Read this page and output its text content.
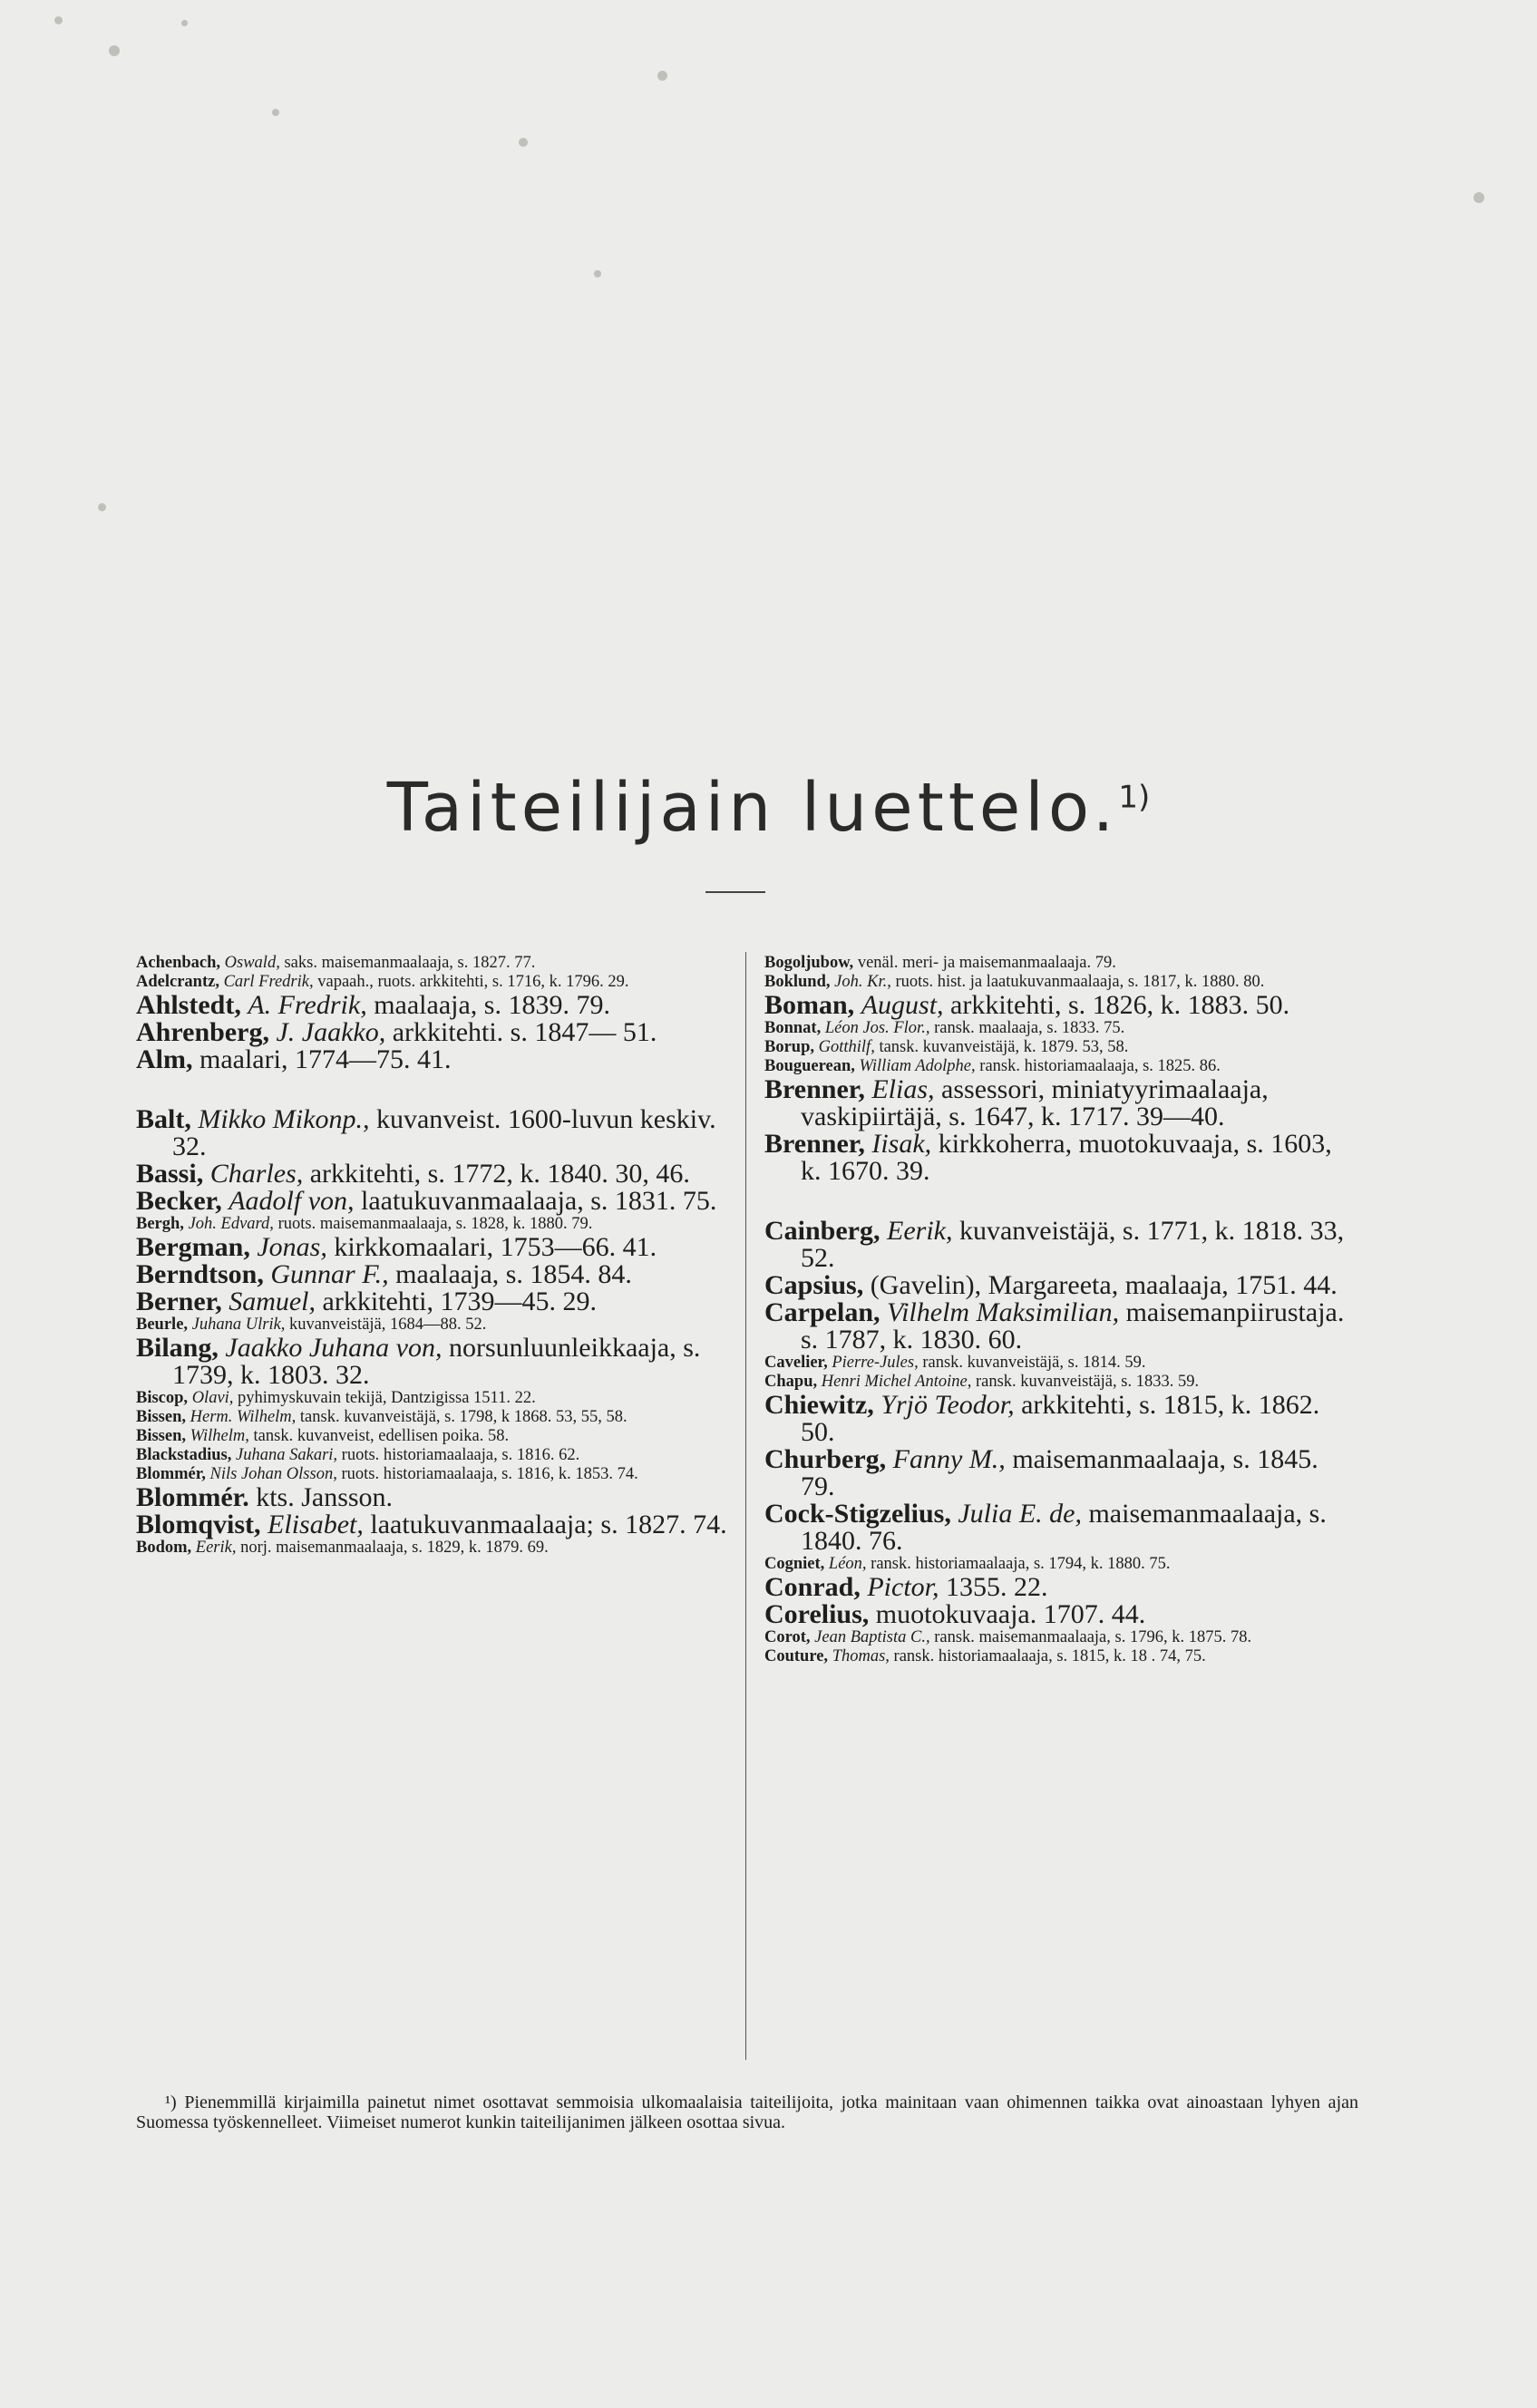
Taiteilijain luettelo.$^{1)}$
Achenbach, Oswald, saks. maisemanmaalaaja, s. 1827. 77.
Adelcrantz, Carl Fredrik, vapaah., ruots. arkkitehti, s. 1716, k. 1796. 29.
Ahlstedt, A. Fredrik, maalaaja, s. 1839. 79.
Ahrenberg, J. Jaakko, arkkitehti. s. 1847— 51.
Alm, maalari, 1774—75. 41.
Balt, Mikko Mikonp., kuvanveist. 1600-luvun keskiv. 32.
Bassi, Charles, arkkitehti, s. 1772, k. 1840. 30, 46.
Becker, Aadolf von, laatukuvanmaalaaja, s. 1831. 75.
Bergh, Joh. Edvard, ruots. maisemanmaalaaja, s. 1828, k. 1880. 79.
Bergman, Jonas, kirkkomaalari, 1753—66. 41.
Berndtson, Gunnar F., maalaaja, s. 1854. 84.
Berner, Samuel, arkkitehti, 1739—45. 29.
Beurle, Juhana Ulrik, kuvanveistäjä, 1684—88. 52.
Bilang, Jaakko Juhana von, norsunluunleikkaaja, s. 1739, k. 1803. 32.
Biscop, Olavi, pyhimyskuvain tekijä, Dantzigissa 1511. 22.
Bissen, Herm. Wilhelm, tansk. kuvanveistäjä, s. 1798, k 1868. 53, 55, 58.
Bissen, Wilhelm, tansk. kuvanveist, edellisen poika. 58.
Blackstadius, Juhana Sakari, ruots. historiamaalaaja, s. 1816. 62.
Blommér, Nils Johan Olsson, ruots. historiamaalaaja, s. 1816, k. 1853. 74.
Blommér. kts. Jansson.
Blomqvist, Elisabet, laatukuvanmaalaaja; s. 1827. 74.
Bodom, Eerik, norj. maisemanmaalaaja, s. 1829, k. 1879. 69.
Bogoljubow, venäl. meri- ja maisemanmaalaaja. 79.
Boklund, Joh. Kr., ruots. hist. ja laatukuvanmaalaaja, s. 1817, k. 1880. 80.
Boman, August, arkkitehti, s. 1826, k. 1883. 50.
Bonnat, Léon Jos. Flor., ransk. maalaaja, s. 1833. 75.
Borup, Gotthilf, tansk. kuvanveistäjä, k. 1879. 53, 58.
Bouguerean, William Adolphe, ransk. historiamaalaaja, s. 1825. 86.
Brenner, Elias, assessori, miniatyyrimaalaaja, vaskipiirtäjä, s. 1647, k. 1717. 39—40.
Brenner, Iisak, kirkkoherra, muotokuvaaja, s. 1603, k. 1670. 39.
Cainberg, Eerik, kuvanveistäjä, s. 1771, k. 1818. 33, 52.
Capsius, (Gavelin), Margareeta, maalaaja, 1751. 44.
Carpelan, Vilhelm Maksimilian, maisemanpiirustaja. s. 1787, k. 1830. 60.
Cavelier, Pierre-Jules, ransk. kuvanveistäjä, s. 1814. 59.
Chapu, Henri Michel Antoine, ransk. kuvanveistäjä, s. 1833. 59.
Chiewitz, Yrjö Teodor, arkkitehti, s. 1815, k. 1862. 50.
Churberg, Fanny M., maisemanmaalaaja, s. 1845. 79.
Cock-Stigzelius, Julia E. de, maisemanmaalaaja, s. 1840. 76.
Cogniet, Léon, ransk. historiamaalaaja, s. 1794, k. 1880. 75.
Conrad, Pictor, 1355. 22.
Corelius, muotokuvaaja. 1707. 44.
Corot, Jean Baptista C., ransk. maisemanmaalaaja, s. 1796, k. 1875. 78.
Couture, Thomas, ransk. historiamaalaaja, s. 1815, k. 18 . 74, 75.
¹) Pienemmillä kirjaimilla painetut nimet osottavat semmoisia ulkomaalaisia taiteilijoita, jotka mainitaan vaan ohimennen taikka ovat ainoastaan lyhyen ajan Suomessa työskennelleet. Viimeiset numerot kunkin taiteilijanimen jälkeen osottaa sivua.
